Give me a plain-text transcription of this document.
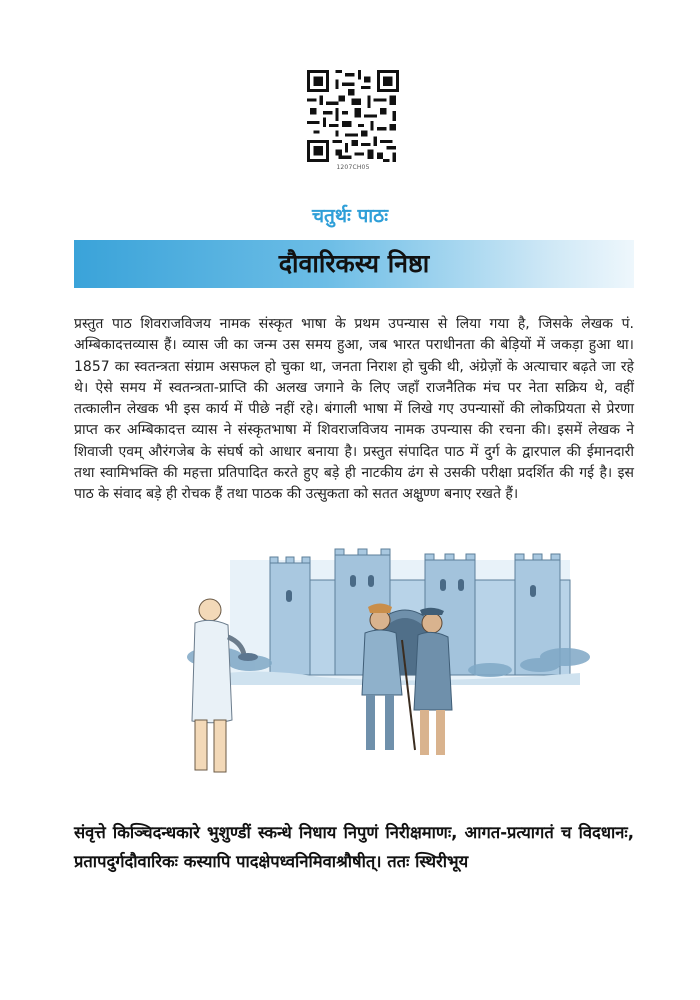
1207CH05
चतुर्थः पाठः
दौवारिकस्य निष्ठा
प्रस्तुत पाठ शिवराजविजय नामक संस्कृत भाषा के प्रथम उपन्यास से लिया गया है, जिसके लेखक पं. अम्बिकादत्तव्यास हैं। व्यास जी का जन्म उस समय हुआ, जब भारत पराधीनता की बेड़ियों में जकड़ा हुआ था। 1857 का स्वतन्त्रता संग्राम असफल हो चुका था, जनता निराश हो चुकी थी, अंग्रेज़ों के अत्याचार बढ़ते जा रहे थे। ऐसे समय में स्वतन्त्रता-प्राप्ति की अलख जगाने के लिए जहाँ राजनैतिक मंच पर नेता सक्रिय थे, वहीं तत्कालीन लेखक भी इस कार्य में पीछे नहीं रहे। बंगाली भाषा में लिखे गए उपन्यासों की लोकप्रियता से प्रेरणा प्राप्त कर अम्बिकादत्त व्यास ने संस्कृतभाषा में शिवराजविजय नामक उपन्यास की रचना की। इसमें लेखक ने शिवाजी एवम् औरंगजेब के संघर्ष को आधार बनाया है। प्रस्तुत संपादित पाठ में दुर्ग के द्वारपाल की ईमानदारी तथा स्वामिभक्ति की महत्ता प्रतिपादित करते हुए बड़े ही नाटकीय ढंग से उसकी परीक्षा प्रदर्शित की गई है। इस पाठ के संवाद बड़े ही रोचक हैं तथा पाठक की उत्सुकता को सतत अक्षुण्ण बनाए रखते हैं।
संवृत्ते किञ्चिदन्धकारे भुशुण्डीं स्कन्धे निधाय निपुणं निरीक्षमाणः, आगत-प्रत्यागतं च विदधानः, प्रतापदुर्गदौवारिकः कस्यापि पादक्षेपध्वनिमिवाश्रौषीत्। ततः स्थिरीभूय
